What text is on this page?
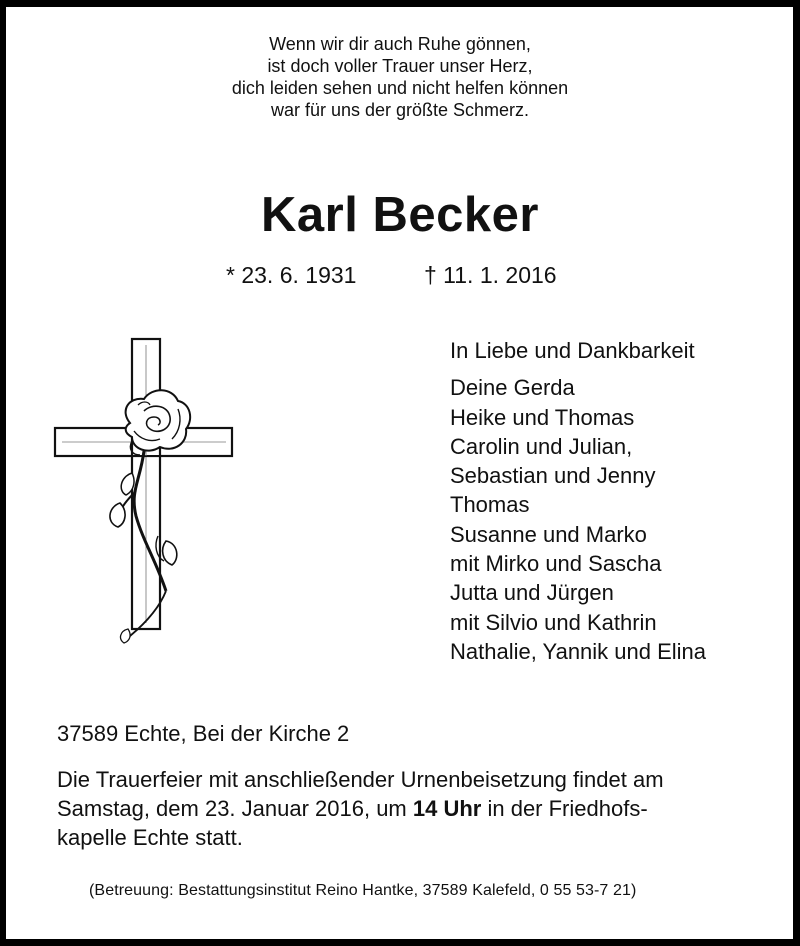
Wenn wir dir auch Ruhe gönnen,
ist doch voller Trauer unser Herz,
dich leiden sehen und nicht helfen können
war für uns der größte Schmerz.
Karl Becker
* 23. 6. 1931	† 11. 1. 2016
In Liebe und Dankbarkeit
Deine Gerda
Heike und Thomas
Carolin und Julian,
Sebastian und Jenny
Thomas
Susanne und Marko
mit Mirko und Sascha
Jutta und Jürgen
mit Silvio und Kathrin
Nathalie, Yannik und Elina
37589 Echte, Bei der Kirche 2
Die Trauerfeier mit anschließender Urnenbeisetzung findet am
Samstag, dem 23. Januar 2016, um 14 Uhr in der Friedhofs-
kapelle Echte statt.
(Betreuung: Bestattungsinstitut Reino Hantke, 37589 Kalefeld, 0 55 53-7 21)
